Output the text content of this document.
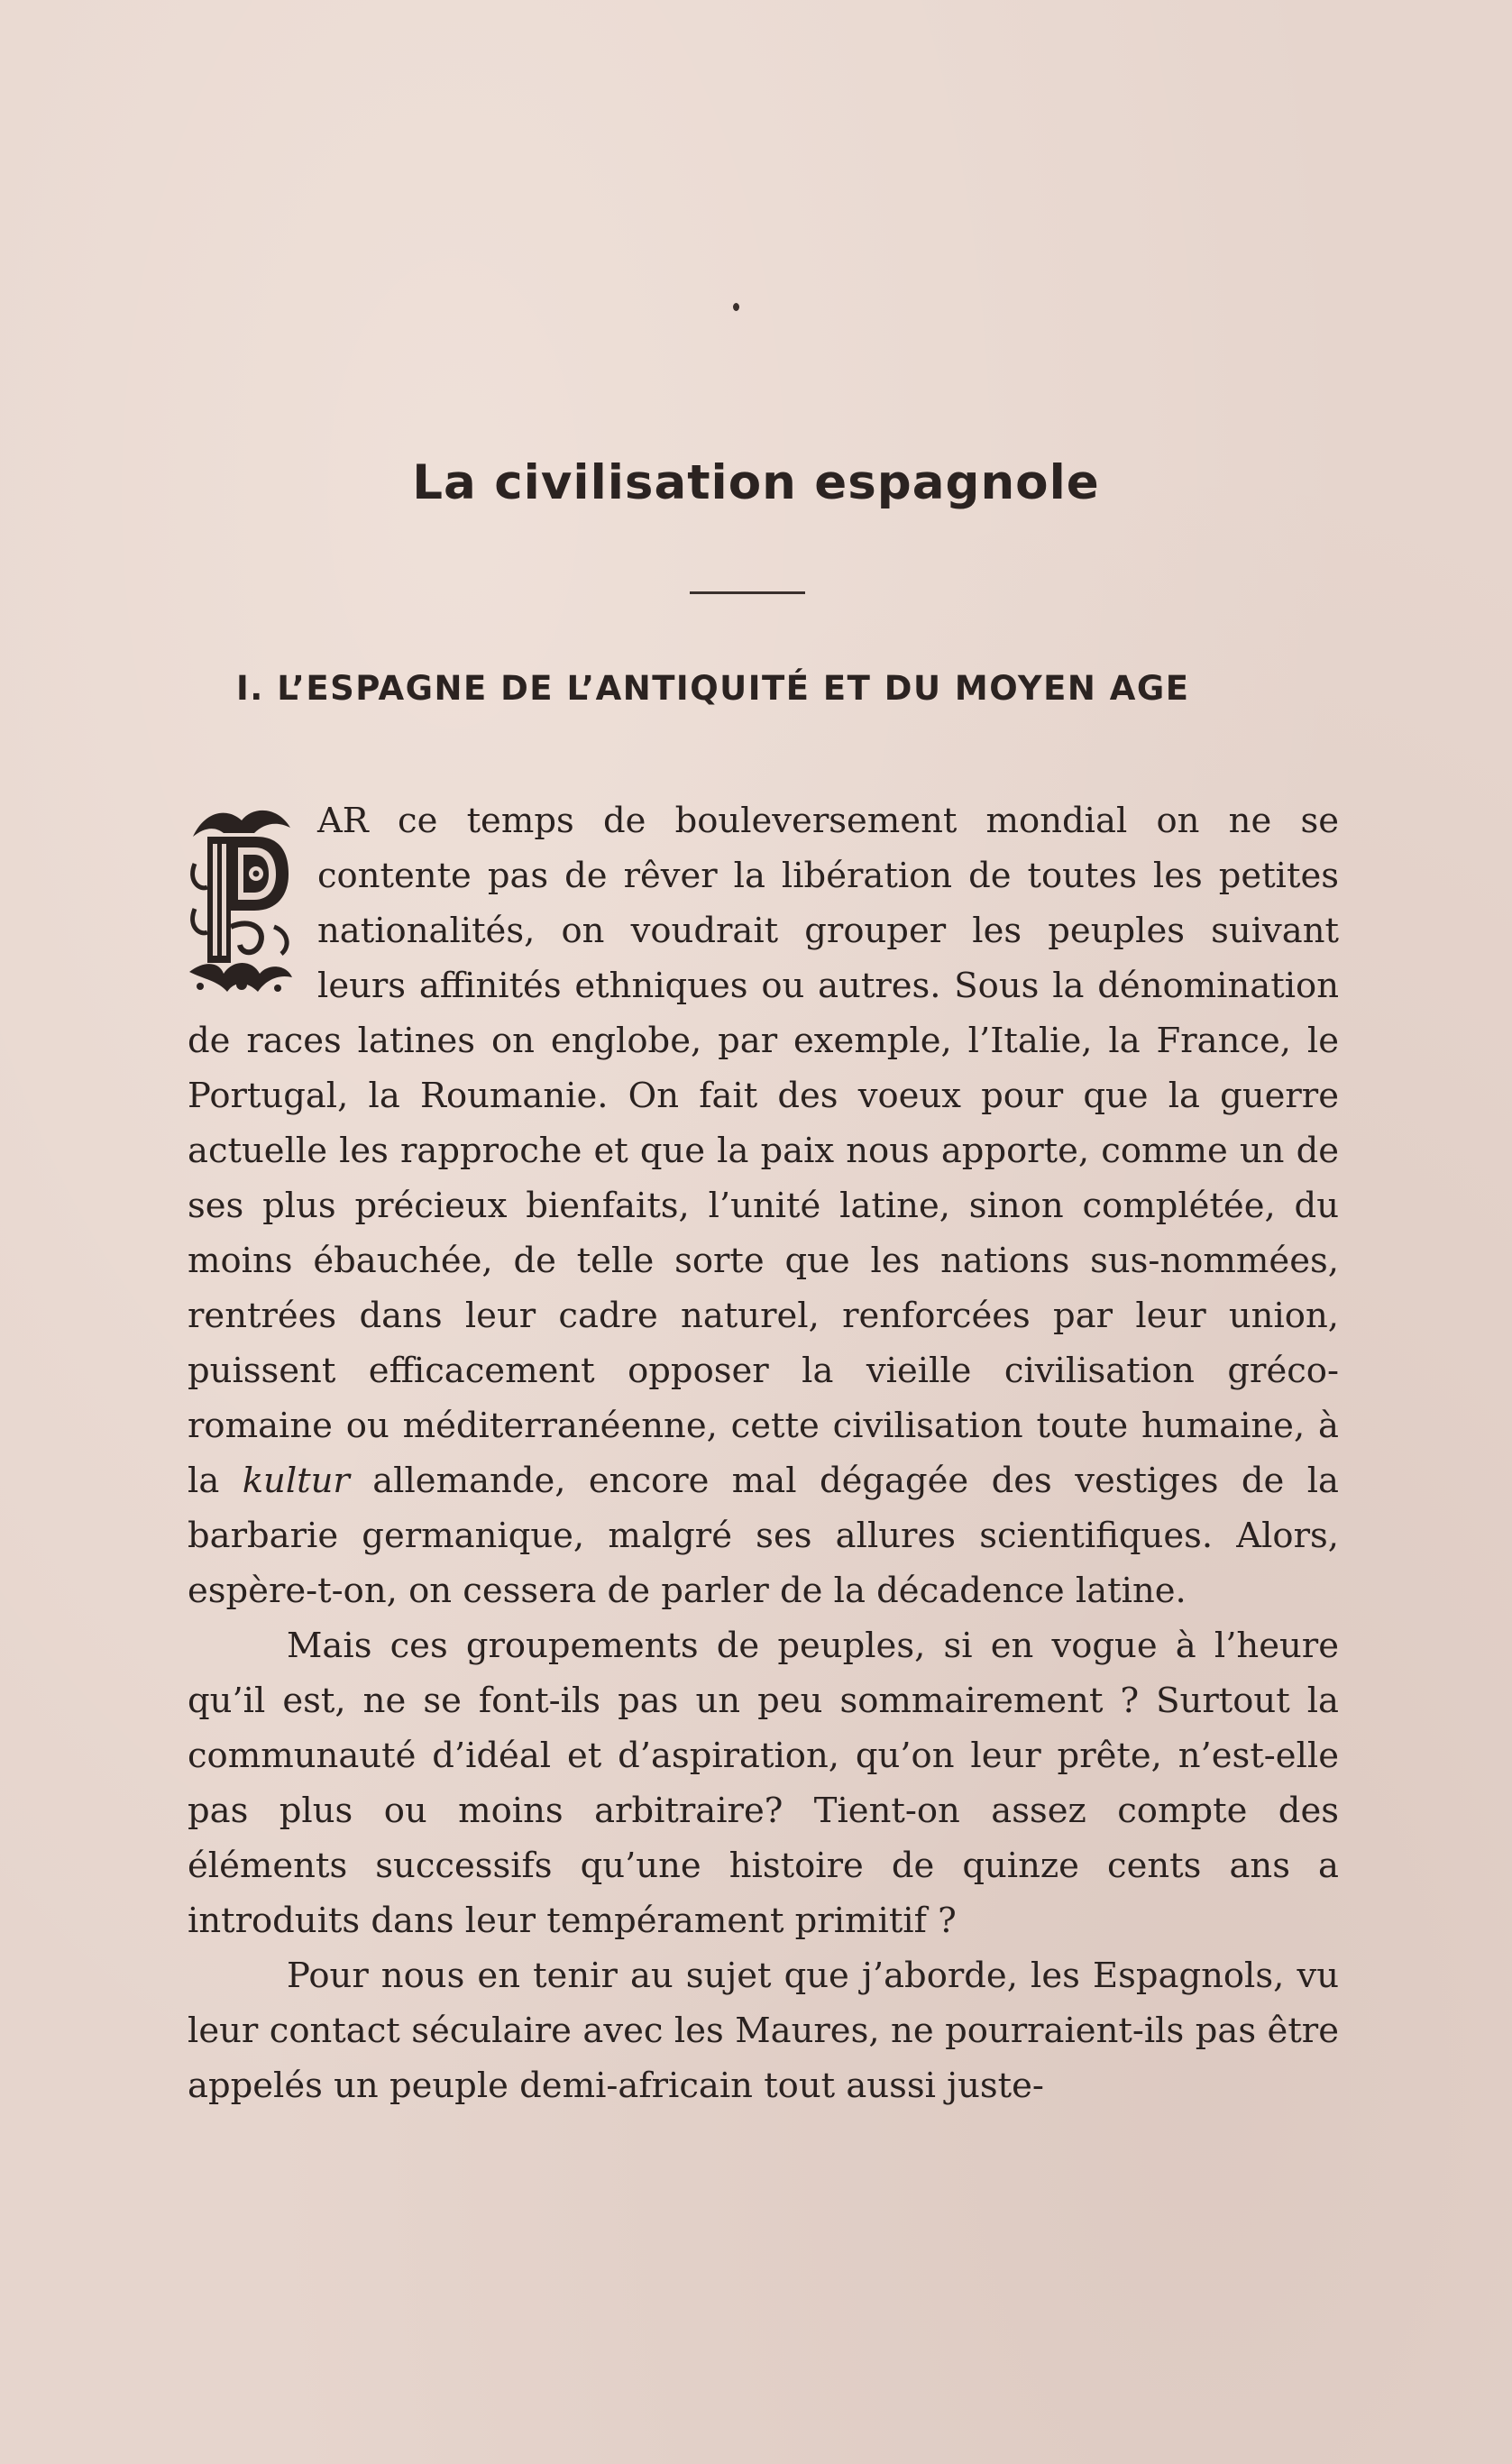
La civilisation espagnole
I. L’ESPAGNE DE L’ANTIQUITÉ ET DU MOYEN AGE

AR ce temps de bouleversement mondial on ne se contente pas de rêver la libération de toutes les petites nationalités, on voudrait grouper les peuples suivant leurs affinités ethniques ou autres. Sous la dénomination de races latines on englobe, par exemple, l’Italie, la France, le Portugal, la Roumanie. On fait des voeux pour que la guerre actuelle les rapproche et que la paix nous apporte, comme un de ses plus précieux bienfaits, l’unité latine, sinon complétée, du moins ébauchée, de telle sorte que les nations sus-nommées, rentrées dans leur cadre naturel, renforcées par leur union, puissent efficacement opposer la vieille civilisation gréco-romaine ou méditerranéenne, cette civilisation toute humaine, à la kultur allemande, encore mal dégagée des vestiges de la barbarie germanique, malgré ses allures scientifiques. Alors, espère-t-on, on cessera de parler de la décadence latine.

Mais ces groupements de peuples, si en vogue à l’heure qu’il est, ne se font-ils pas un peu sommairement ? Surtout la communauté d’idéal et d’aspiration, qu’on leur prête, n’est-elle pas plus ou moins arbitraire? Tient-on assez compte des éléments successifs qu’une histoire de quinze cents ans a introduits dans leur tempérament primitif ?

Pour nous en tenir au sujet que j’aborde, les Espagnols, vu leur contact séculaire avec les Maures, ne pourraient-ils pas être appelés un peuple demi-africain tout aussi juste-
